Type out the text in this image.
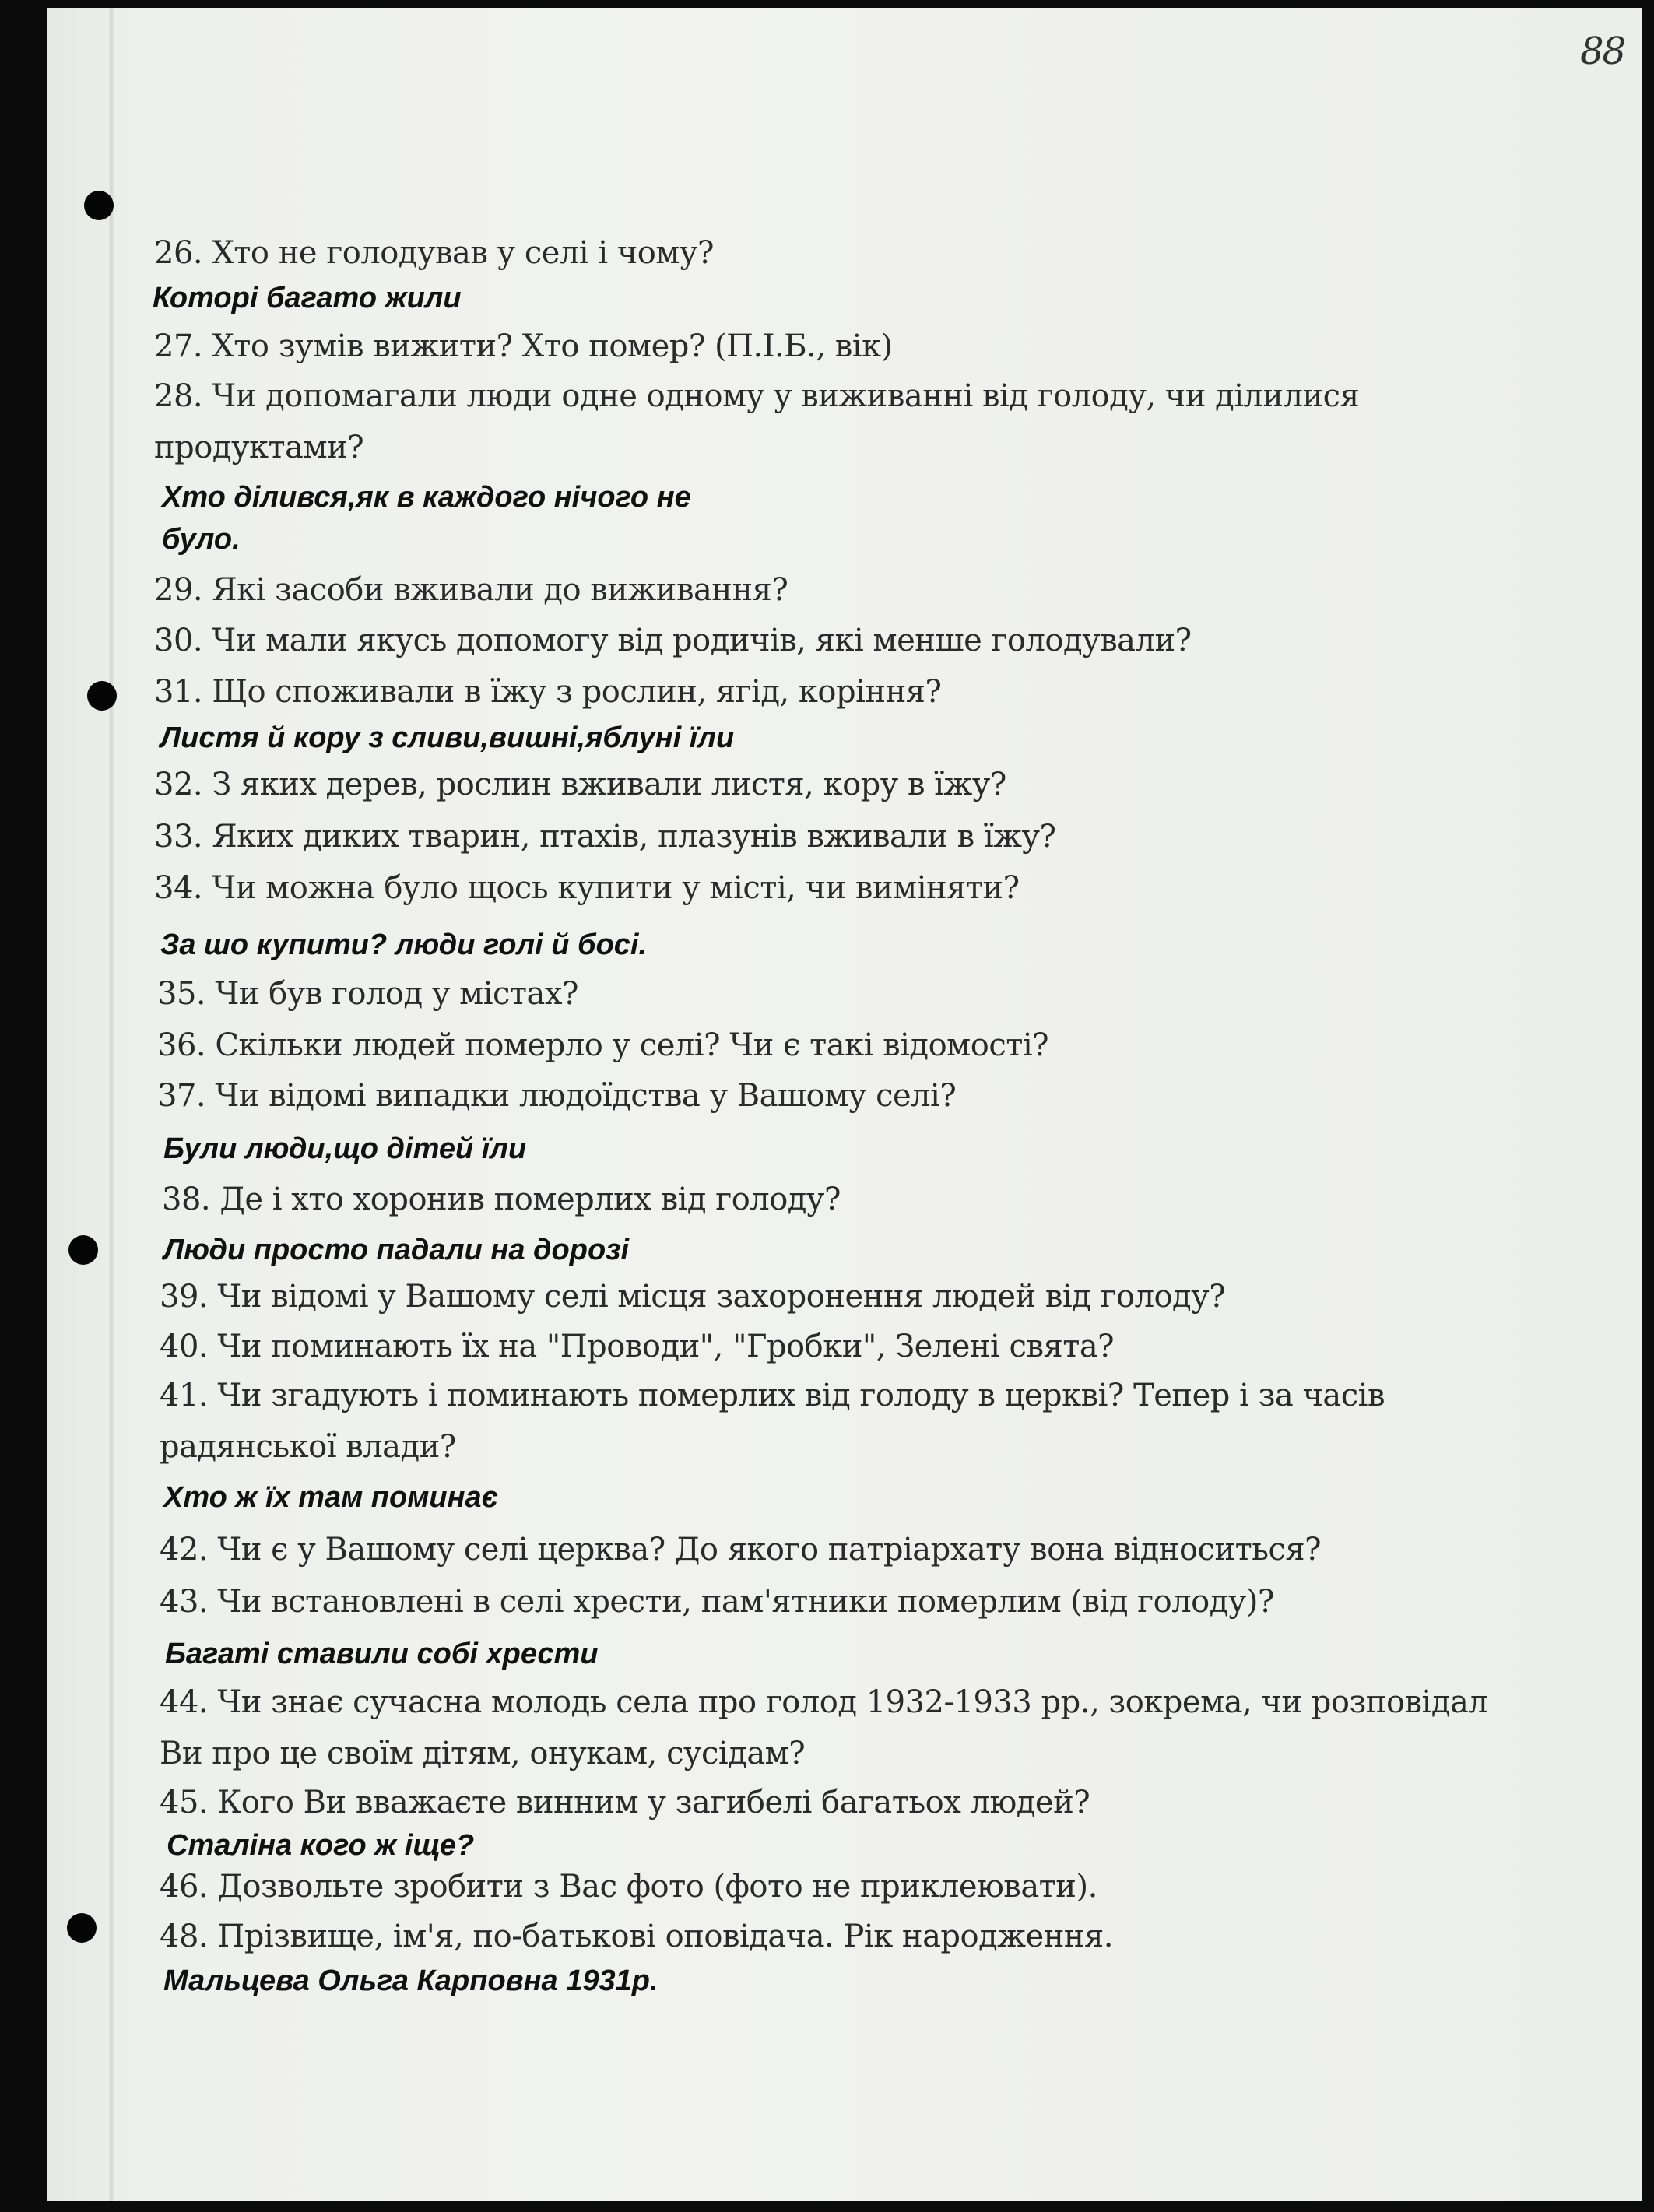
88

26. Хто не голодував у селі і чому?

Которі багато жили

27. Хто зумів вижити? Хто помер? (П.І.Б., вік)

28. Чи допомагали люди одне одному у виживанні від голоду, чи ділилися

продуктами?

Хто ділився,як в каждого нічого не

було.

29. Які засоби вживали до виживання?

30. Чи мали якусь допомогу від родичів, які менше голодували?

31. Що споживали в їжу з рослин, ягід, коріння?

Листя й кору з сливи,вишні,яблуні їли

32. З яких дерев, рослин вживали листя, кору в їжу?

33. Яких диких тварин, птахів, плазунів вживали в їжу?

34. Чи можна було щось купити у місті, чи виміняти?

За шо купити? люди голі й босі.

35. Чи був голод у містах?

36. Скільки людей померло у селі? Чи є такі відомості?

37. Чи відомі випадки людоїдства у Вашому селі?

Були люди,що дітей їли

38. Де і хто хоронив померлих від голоду?

Люди просто падали на дорозі

39. Чи відомі у Вашому селі місця захоронення людей від голоду?

40. Чи поминають їх на "Проводи", "Гробки", Зелені свята?

41. Чи згадують і поминають померлих від голоду в церкві? Тепер і за часів

радянської влади?

Хто ж їх там поминає

42. Чи є у Вашому селі церква? До якого патріархату вона відноситься?

43. Чи встановлені в селі хрести, пам'ятники померлим (від голоду)?

Багаті ставили собі хрести

44. Чи знає сучасна молодь села про голод 1932-1933 рр., зокрема, чи розповідал

Ви про це своїм дітям, онукам, сусідам?

45. Кого Ви вважаєте винним у загибелі багатьох людей?

Сталіна кого ж іще?

46. Дозвольте зробити з Вас фото (фото не приклеювати).

48. Прізвище, ім'я, по-батькові оповідача. Рік народження.

Мальцева Ольга Карповна 1931р.
